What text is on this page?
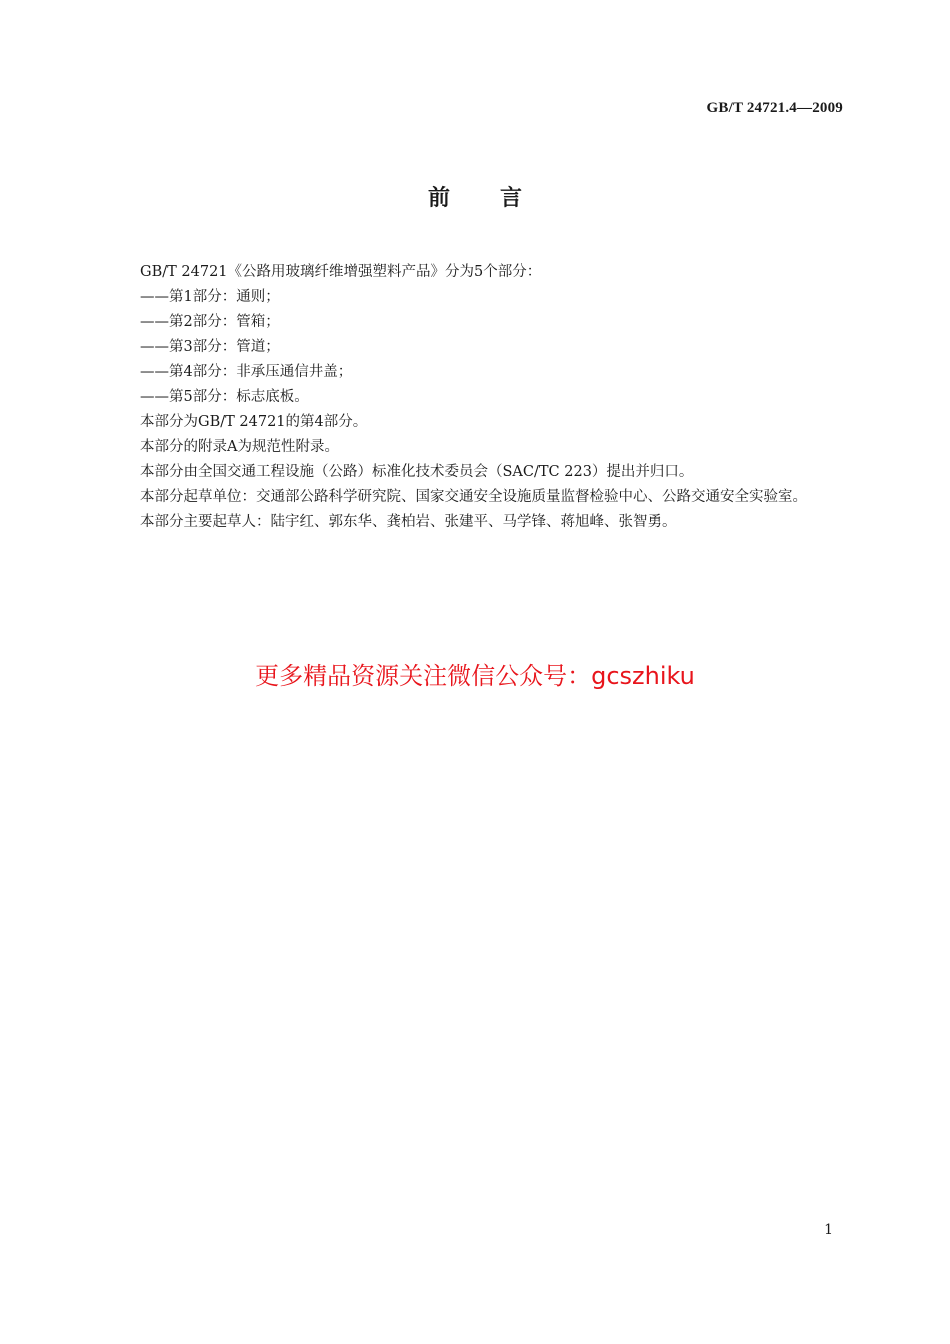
GB/T 24721.4—2009
前言

GB/T 24721《公路用玻璃纤维增强塑料产品》分为5个部分：

——第1部分：通则；

——第2部分：管箱；

——第3部分：管道；

——第4部分：非承压通信井盖；

——第5部分：标志底板。

本部分为GB/T 24721的第4部分。

本部分的附录A为规范性附录。

本部分由全国交通工程设施（公路）标准化技术委员会（SAC/TC 223）提出并归口。

本部分起草单位：交通部公路科学研究院、国家交通安全设施质量监督检验中心、公路交通安全实验室。

本部分主要起草人：陆宇红、郭东华、龚柏岩、张建平、马学锋、蒋旭峰、张智勇。

更多精品资源关注微信公众号：gcszhiku
1
